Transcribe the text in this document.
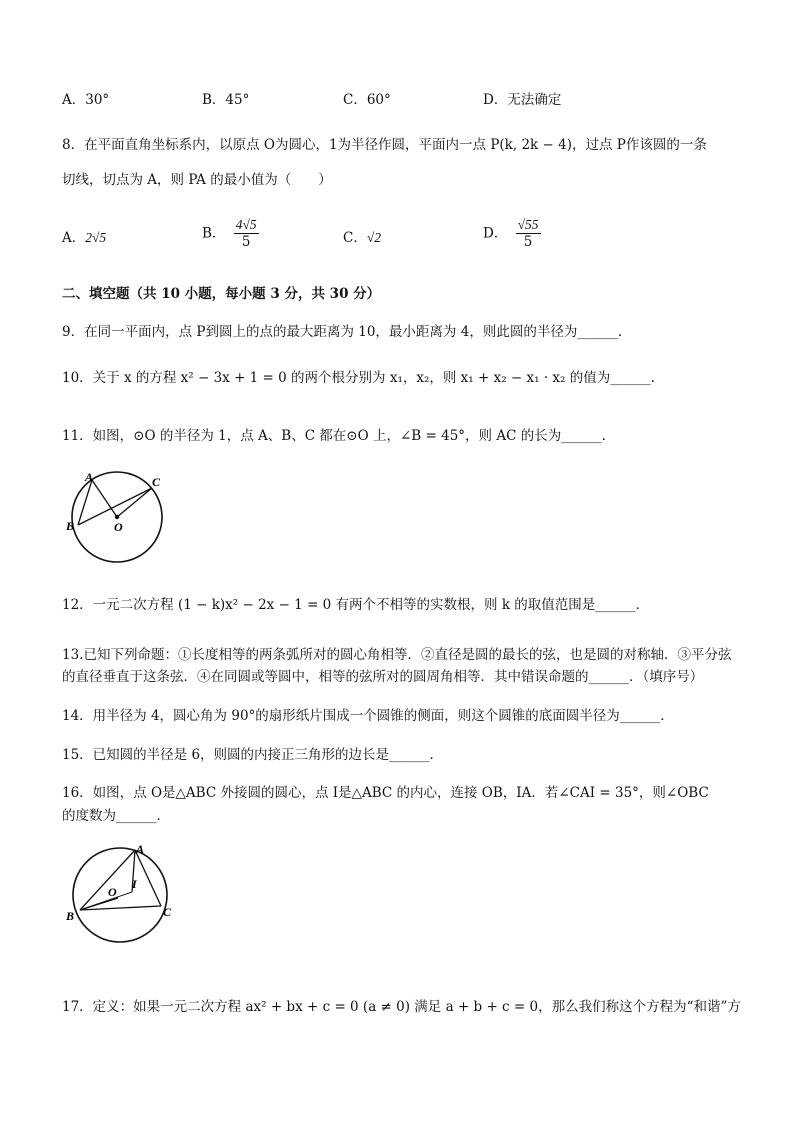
A．30°	B．45°	C．60°	D．无法确定
8．在平面直角坐标系内，以原点 O为圆心，1为半径作圆，平面内一点 P(k, 2k − 4)，过点 P作该圆的一条
切线，切点为 A，则 PA 的最小值为（　　）
A．2√5	B． $\frac{4√5}{5}$	C．√2	D． $\frac{√55}{5}$
二、填空题（共 10 小题，每小题 3 分，共 30 分）
9．在同一平面内，点 P到圆上的点的最大距离为 10，最小距离为 4，则此圆的半径为______．
10．关于 x 的方程 x² − 3x + 1 = 0 的两个根分别为 x₁，x₂，则 x₁ + x₂ − x₁ · x₂ 的值为______．
11．如图，⊙O 的半径为 1，点 A、B、C 都在⊙O 上，∠B = 45°，则 AC 的长为______．
A
B
C
O
12．一元二次方程 (1 − k)x² − 2x − 1 = 0 有两个不相等的实数根，则 k 的取值范围是______．
13.已知下列命题：①长度相等的两条弧所对的圆心角相等．②直径是圆的最长的弦，也是圆的对称轴．③平分弦
的直径垂直于这条弦．④在同圆或等圆中，相等的弦所对的圆周角相等．其中错误命题的______．（填序号）
14．用半径为 4，圆心角为 90°的扇形纸片围成一个圆锥的侧面，则这个圆锥的底面圆半径为______．
15．已知圆的半径是 6，则圆的内接正三角形的边长是______．
16．如图，点 O是△ABC 外接圆的圆心，点 I是△ABC 的内心，连接 OB，IA．若∠CAI = 35°，则∠OBC
的度数为______．
A
B	C
O
I
17．定义：如果一元二次方程 ax² + bx + c = 0 (a ≠ 0) 满足 a + b + c = 0，那么我们称这个方程为“和谐”方
